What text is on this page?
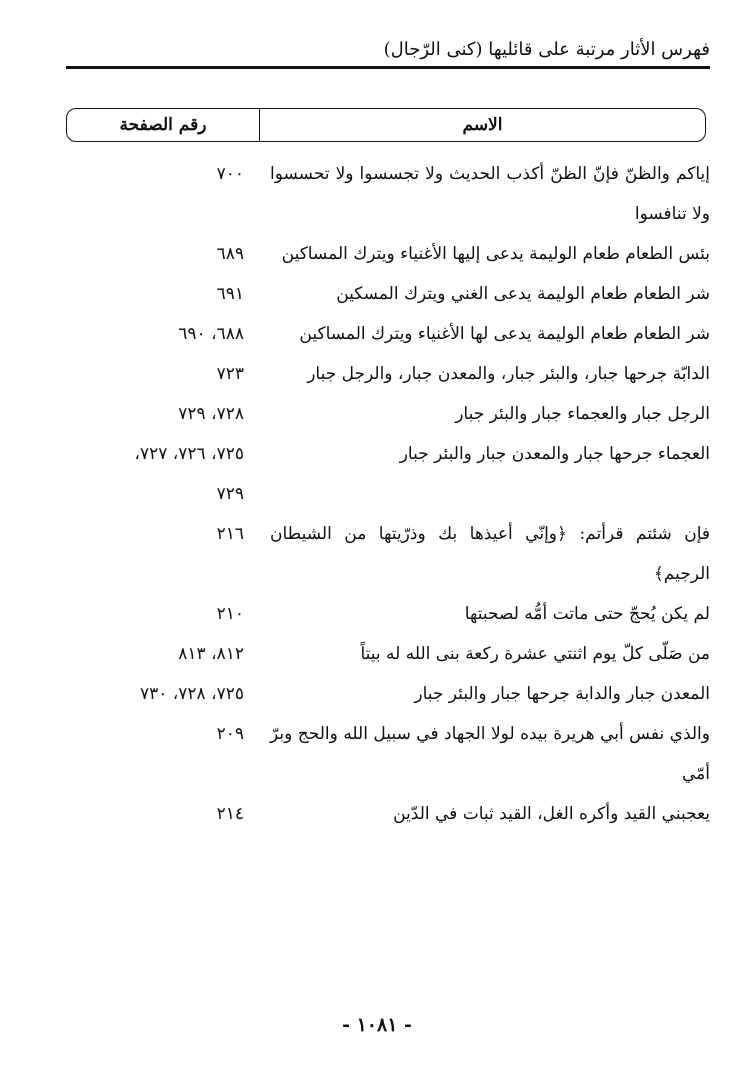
فهرس الأثار مرتبة على قائليها (كنى الرّجال)
الاسم
رقم الصفحة
إياكم والظنّ فإنّ الظنّ أكذب الحديث ولا تجسسوا ولا تحسسوا ولا تنافسوا
٧٠٠
بئس الطعام طعام الوليمة يدعى إليها الأغنياء ويترك المساكين
٦٨٩
شر الطعام طعام الوليمة يدعى الغني ويترك المسكين
٦٩١
شر الطعام طعام الوليمة يدعى لها الأغنياء ويترك المساكين
٦٨٨، ٦٩٠
الدابّة جرحها جبار، والبئر جبار، والمعدن جبار، والرجل جبار
٧٢٣
الرجل جبار والعجماء جبار والبئر جبار
٧٢٨، ٧٢٩
العجماء جرحها جبار والمعدن جبار والبئر جبار
٧٢٥، ٧٢٦، ٧٢٧،
٧٢٩
فإن شئتم قرأتم: ﴿وإنّي أعيذها بك وذرّيتها من الشيطان الرجيم﴾
٢١٦
لم يكن يُحجّ حتى ماتت أمُّه لصحبتها
٢١٠
من صَلّى كلّ يوم اثنتي عشرة ركعة بنى الله له بيتاً
٨١٢، ٨١٣
المعدن جبار والدابة جرحها جبار والبئر جبار
٧٢٥، ٧٢٨، ٧٣٠
والذي نفس أبي هريرة بيده لولا الجهاد في سبيل الله والحج وبرّ أمّي
٢٠٩
يعجبني القيد وأكره الغل، القيد ثبات في الدّين
٢١٤
- ١٠٨١ -
